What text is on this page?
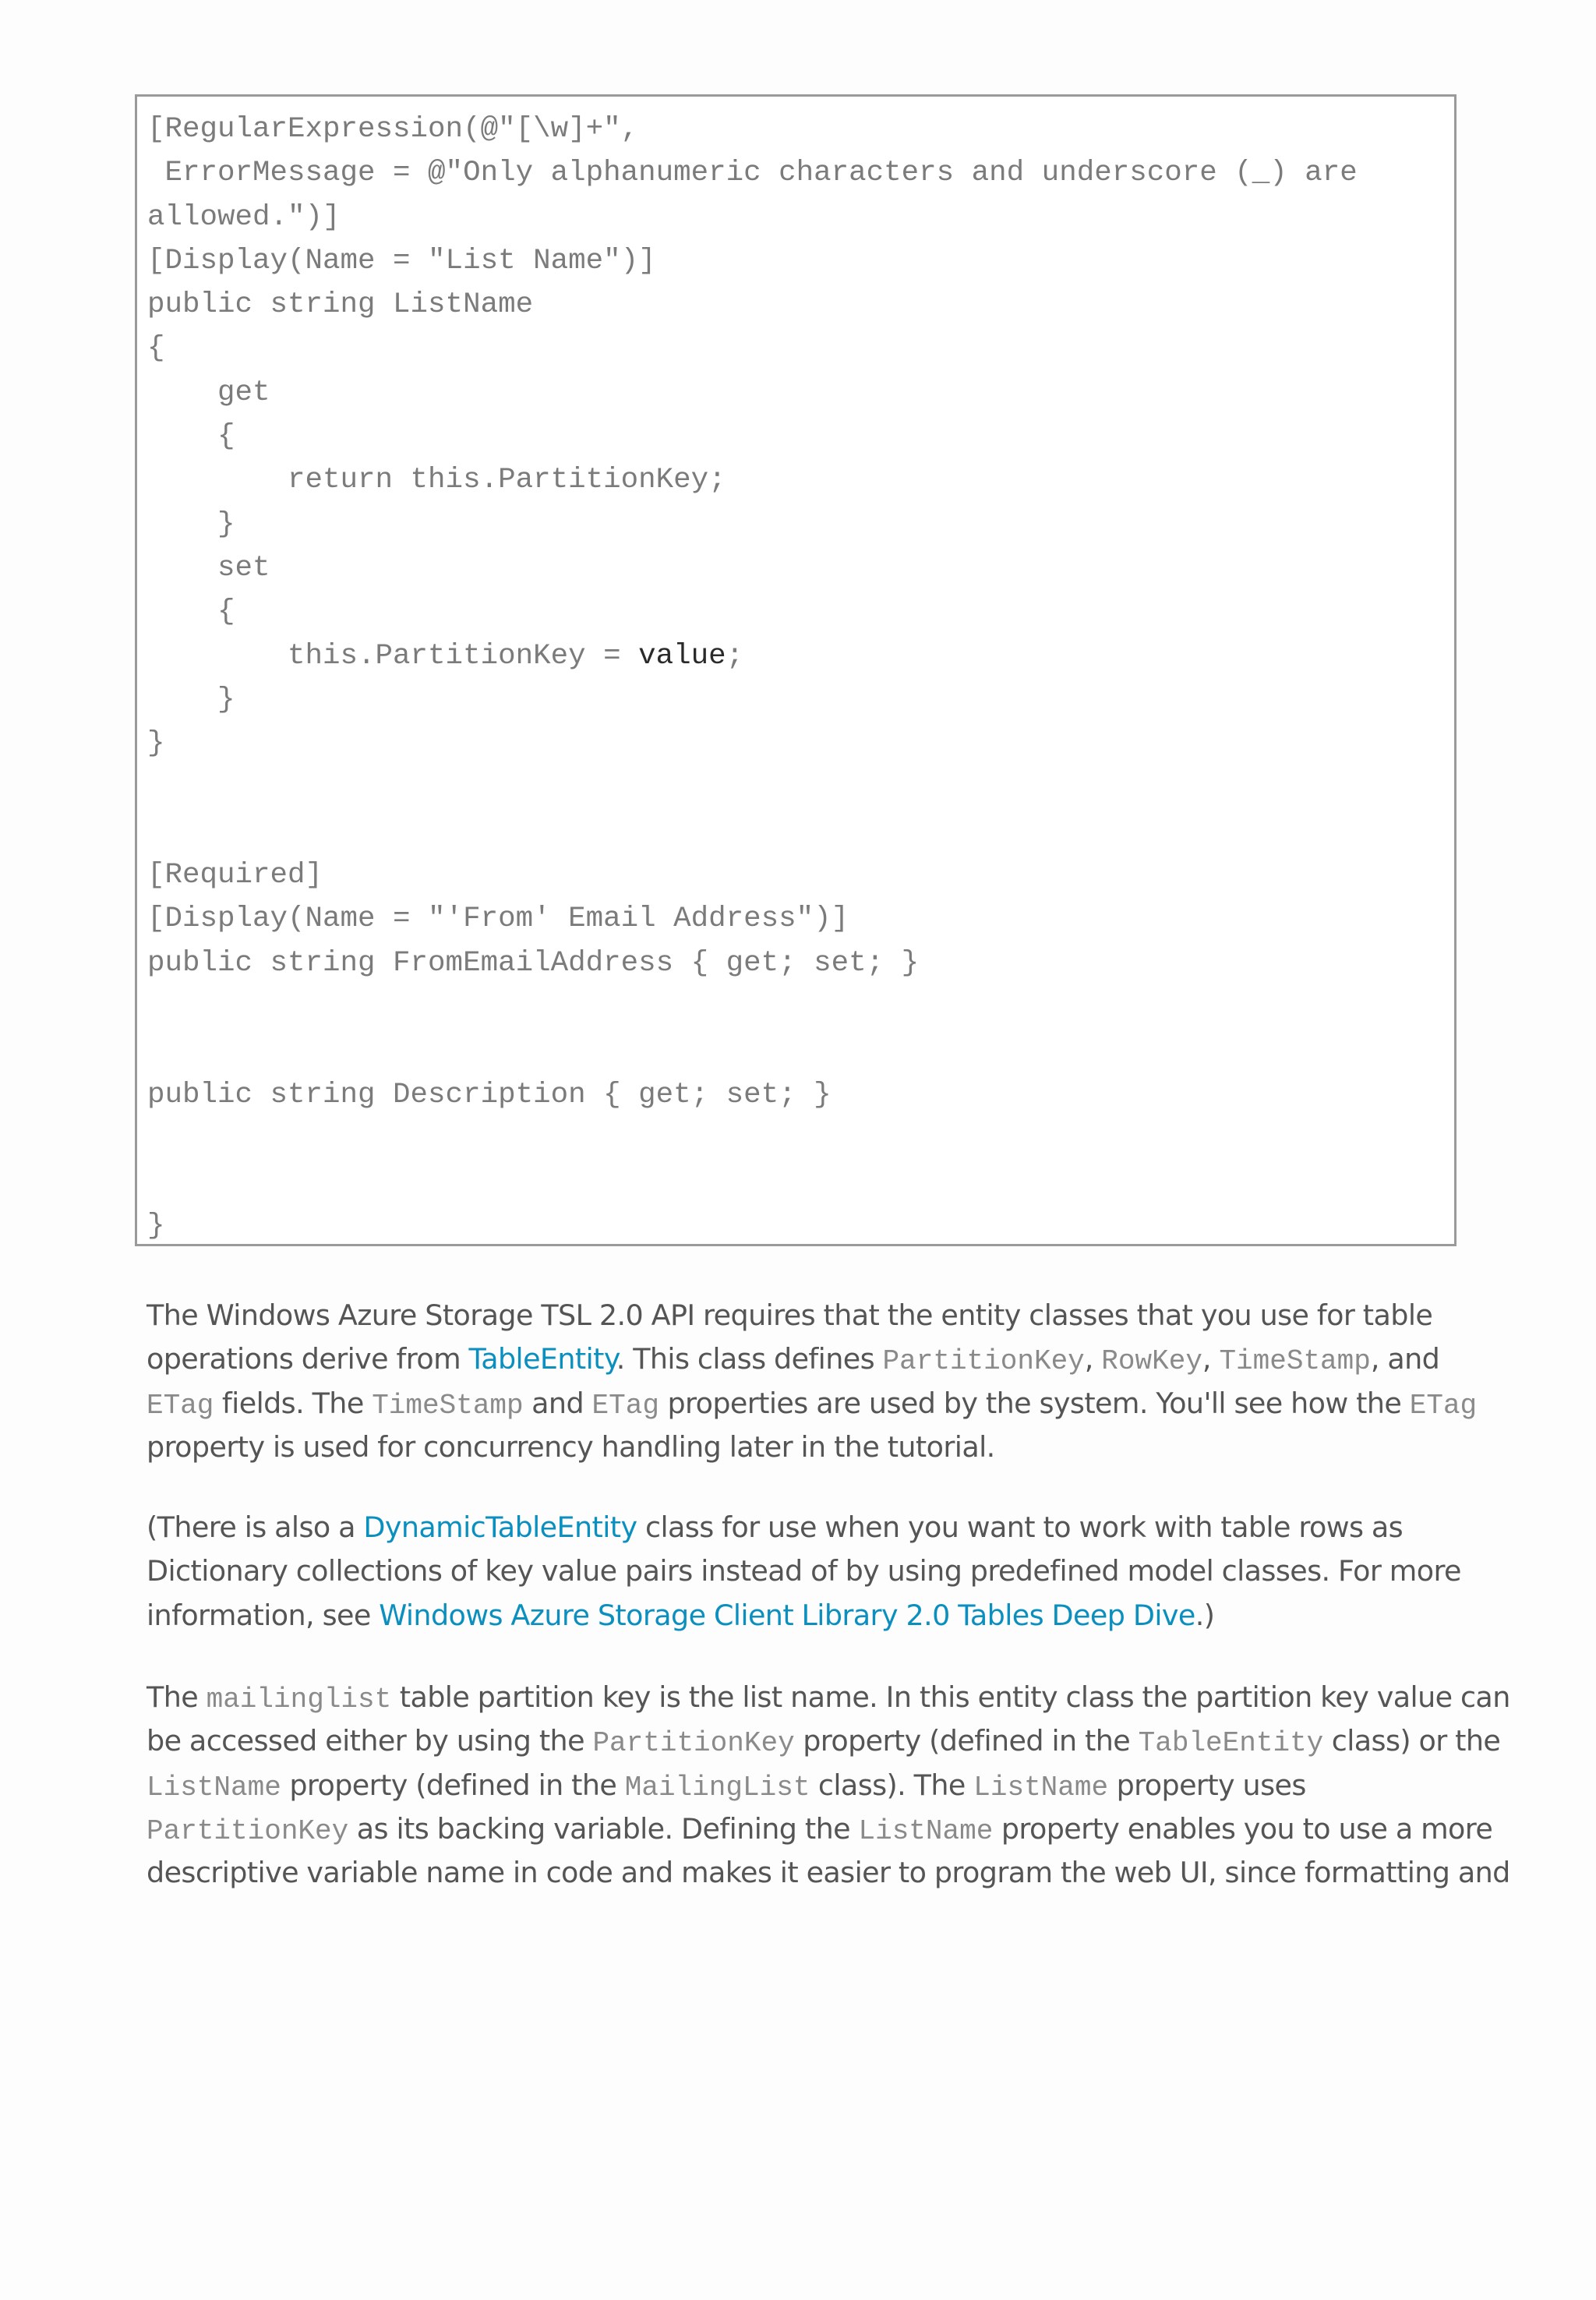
[RegularExpression(@"[\w]+",
ErrorMessage = @"Only alphanumeric characters and underscore (_) are
allowed.")]
[Display(Name = "List Name")]
public string ListName
{
get
{
return this.PartitionKey;
}
set
{
this.PartitionKey = value;
}
}
[Required]
[Display(Name = "'From' Email Address")]
public string FromEmailAddress { get; set; }
public string Description { get; set; }
}

The Windows Azure Storage TSL 2.0 API requires that the entity classes that you use for table
operations derive from TableEntity. This class defines PartitionKey, RowKey, TimeStamp, and
ETag fields. The TimeStamp and ETag properties are used by the system. You'll see how the ETag
property is used for concurrency handling later in the tutorial.

(There is also a DynamicTableEntity class for use when you want to work with table rows as
Dictionary collections of key value pairs instead of by using predefined model classes. For more
information, see Windows Azure Storage Client Library 2.0 Tables Deep Dive.)

The mailinglist table partition key is the list name. In this entity class the partition key value can
be accessed either by using the PartitionKey property (defined in the TableEntity class) or the
ListName property (defined in the MailingList class). The ListName property uses
PartitionKey as its backing variable. Defining the ListName property enables you to use a more
descriptive variable name in code and makes it easier to program the web UI, since formatting and
